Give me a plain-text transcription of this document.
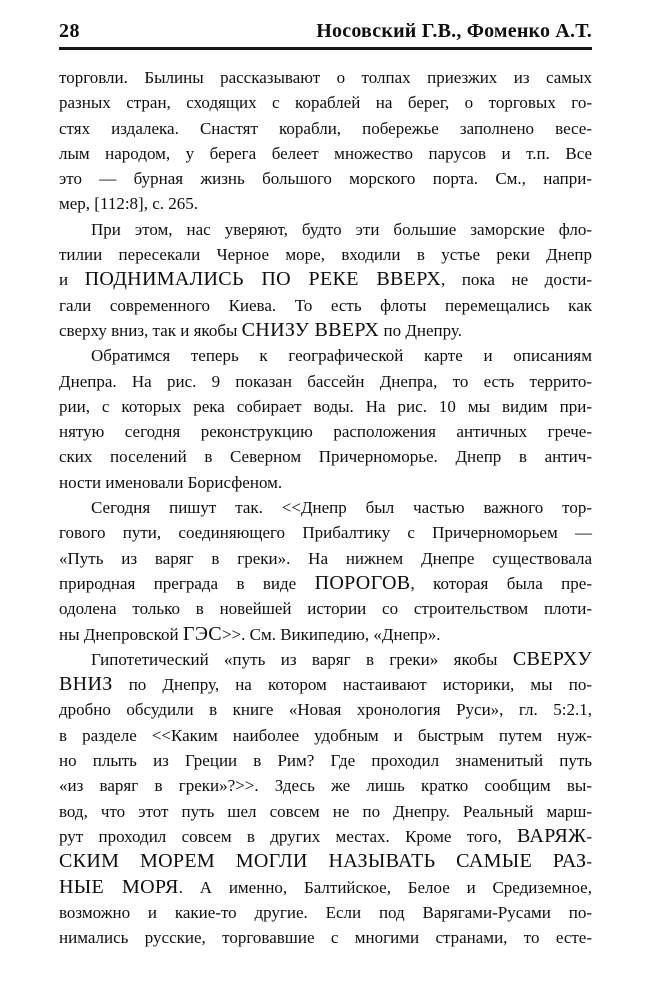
28	Носовский Г.В., Фоменко А.Т.
торговли. Былины рассказывают о толпах приезжих из самых
разных стран, сходящих с кораблей на берег, о торговых го-
стях издалека. Снастят корабли, побережье заполнено весе-
лым народом, у берега белеет множество парусов и т.п. Все
это — бурная жизнь большого морского порта. См., напри-
мер, [112:8], с. 265.
При этом, нас уверяют, будто эти большие заморские фло-
тилии пересекали Черное море, входили в устье реки Днепр
и ПОДНИМАЛИСЬ ПО РЕКЕ ВВЕРХ, пока не дости-
гали современного Киева. То есть флоты перемещались как
сверху вниз, так и якобы СНИЗУ ВВЕРХ по Днепру.
Обратимся теперь к географической карте и описаниям
Днепра. На рис. 9 показан бассейн Днепра, то есть террито-
рии, с которых река собирает воды. На рис. 10 мы видим при-
нятую сегодня реконструкцию расположения античных грече-
ских поселений в Северном Причерноморье. Днепр в антич-
ности именовали Борисфеном.
Сегодня пишут так. <<Днепр был частью важного тор-
гового пути, соединяющего Прибалтику с Причерноморьем —
«Путь из варяг в греки». На нижнем Днепре существовала
природная преграда в виде ПОРОГОВ, которая была пре-
одолена только в новейшей истории со строительством плоти-
ны Днепровской ГЭС>>. См. Википедию, «Днепр».
Гипотетический «путь из варяг в греки» якобы СВЕРХУ
ВНИЗ по Днепру, на котором настаивают историки, мы по-
дробно обсудили в книге «Новая хронология Руси», гл. 5:2.1,
в разделе <<Каким наиболее удобным и быстрым путем нуж-
но плыть из Греции в Рим? Где проходил знаменитый путь
«из варяг в греки»?>>. Здесь же лишь кратко сообщим вы-
вод, что этот путь шел совсем не по Днепру. Реальный марш-
рут проходил совсем в других местах. Кроме того, ВАРЯЖ-
СКИМ МОРЕМ МОГЛИ НАЗЫВАТЬ САМЫЕ РАЗ-
НЫЕ МОРЯ. А именно, Балтийское, Белое и Средиземное,
возможно и какие-то другие. Если под Варягами-Русами по-
нимались русские, торговавшие с многими странами, то есте-
